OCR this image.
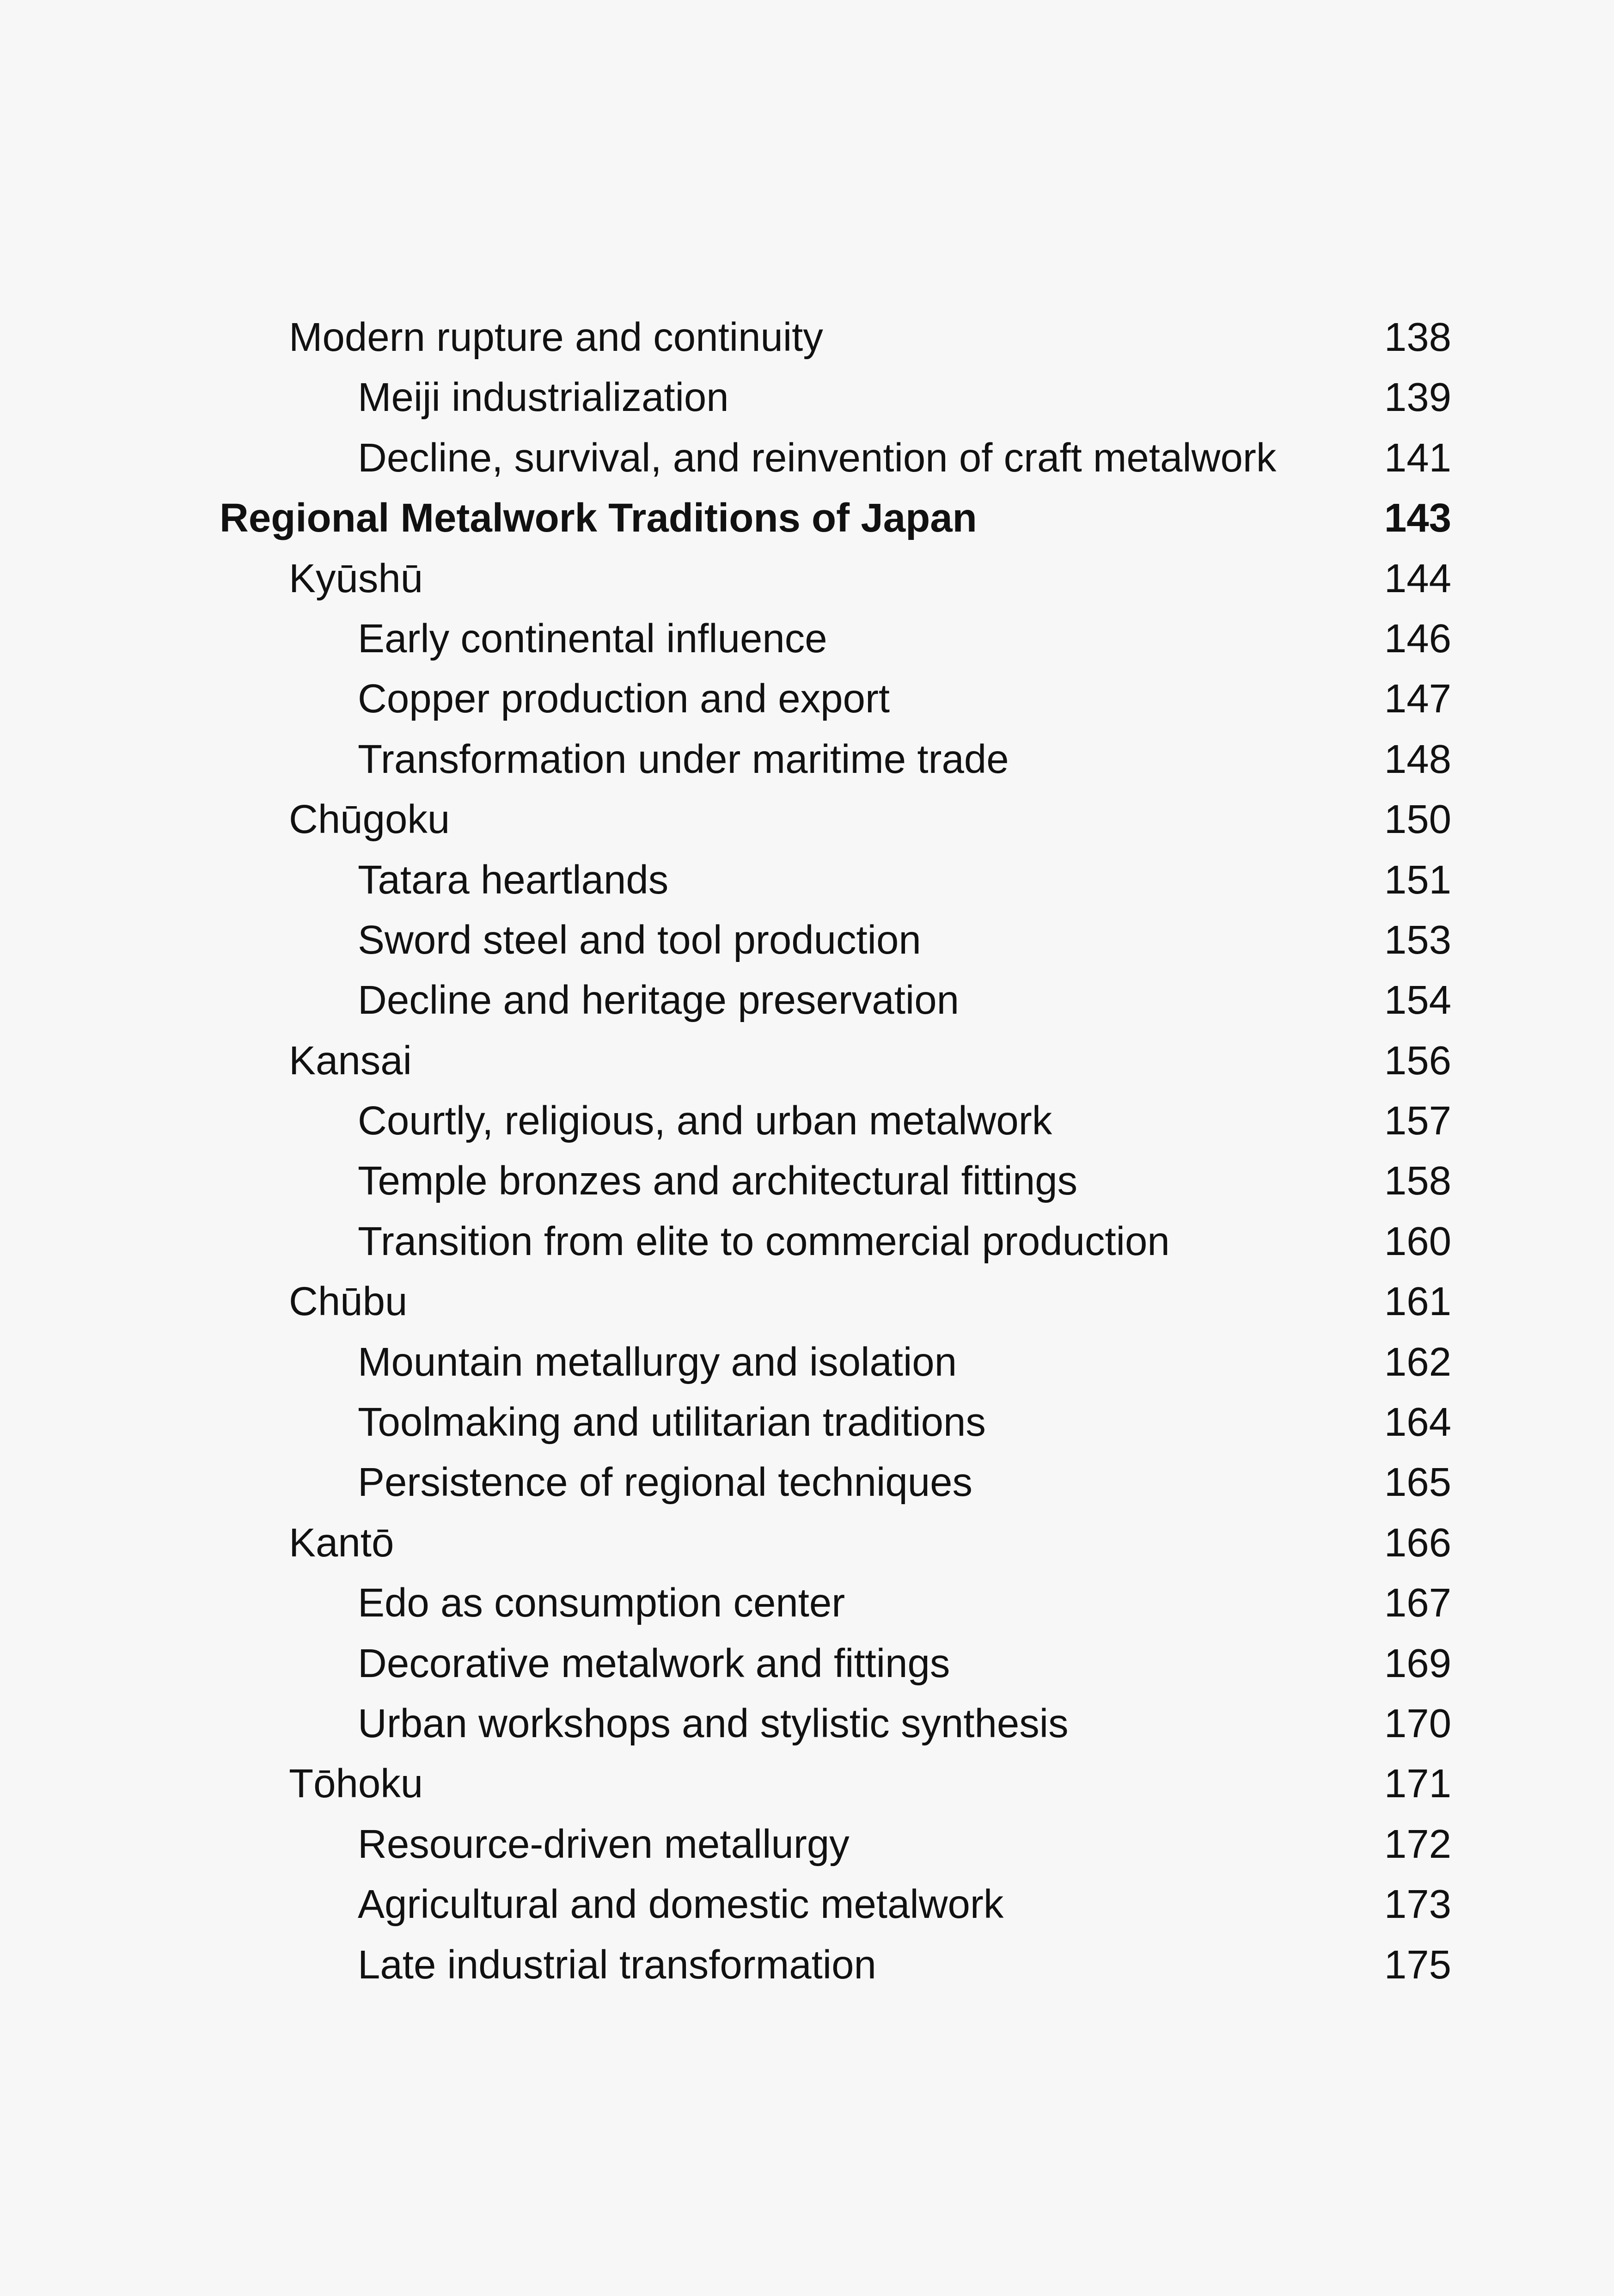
Modern rupture and continuity	138
Meiji industrialization	139
Decline, survival, and reinvention of craft metalwork	141
Regional Metalwork Traditions of Japan	143
Kyūshū	144
Early continental influence	146
Copper production and export	147
Transformation under maritime trade	148
Chūgoku	150
Tatara heartlands	151
Sword steel and tool production	153
Decline and heritage preservation	154
Kansai	156
Courtly, religious, and urban metalwork	157
Temple bronzes and architectural fittings	158
Transition from elite to commercial production	160
Chūbu	161
Mountain metallurgy and isolation	162
Toolmaking and utilitarian traditions	164
Persistence of regional techniques	165
Kantō	166
Edo as consumption center	167
Decorative metalwork and fittings	169
Urban workshops and stylistic synthesis	170
Tōhoku	171
Resource-driven metallurgy	172
Agricultural and domestic metalwork	173
Late industrial transformation	175
